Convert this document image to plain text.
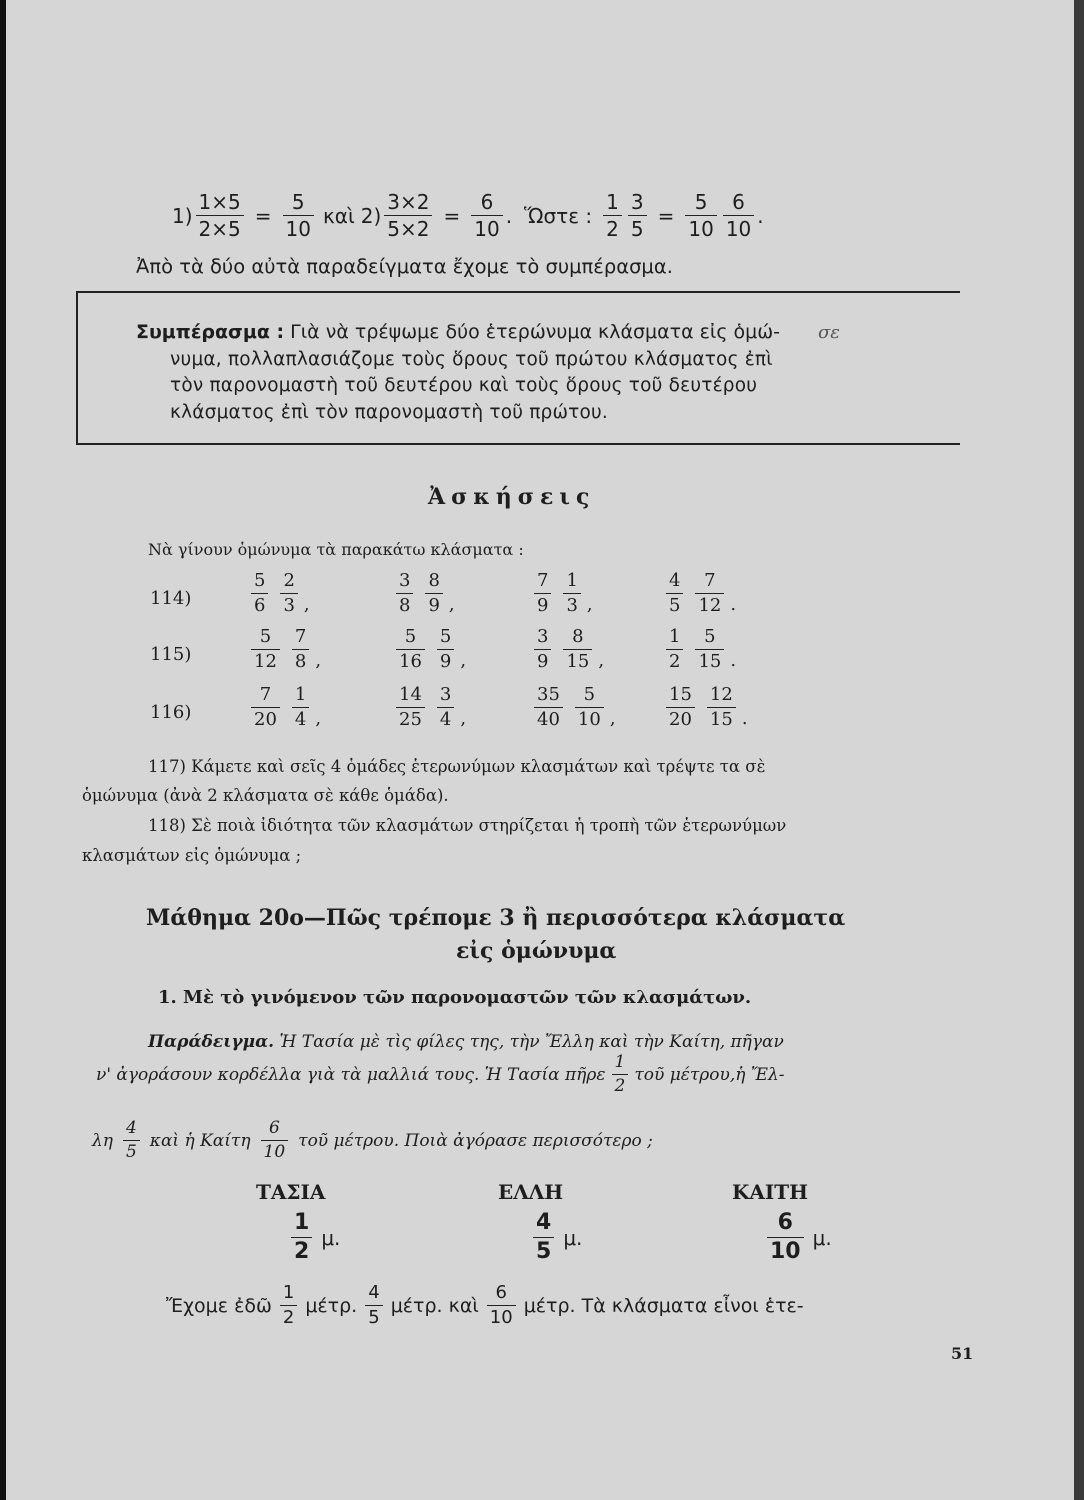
$1) \frac{1\times 5}{2\times 5} = \frac{5}{10}$ καὶ $2) \frac{3\times 2}{5\times 2} = \frac{6}{10}$ . Ὥστε : $\frac{1}{2} \frac{3}{5} = \frac{5}{10} \frac{6}{10}$ .
Ἀπὸ τὰ δύο αὐτὰ παραδείγματα ἔχομε τὸ συμπέρασμα.
σε
Συμπέρασμα : Γιὰ νὰ τρέψωμε δύο ἑτερώνυμα κλάσματα εἰς ὁμώ-
νυμα, πολλαπλασιάζομε τοὺς ὅρους τοῦ πρώτου κλάσματος ἐπὶ
τὸν παρονομαστὴ τοῦ δευτέρου καὶ τοὺς ὅρους τοῦ δευτέρου
κλάσματος ἐπὶ τὸν παρονομαστὴ τοῦ πρώτου.
Ἀσκήσεις
Νὰ γίνουν ὁμώνυμα τὰ παρακάτω κλάσματα :
114)	$\frac{5}{6} \frac{2}{3}$ ,	$\frac{3}{8} \frac{8}{9}$ ,	$\frac{7}{9} \frac{1}{3}$ ,	$\frac{4}{5} \frac{7}{12}$ .
115)	$\frac{5}{12} \frac{7}{8}$ ,	$\frac{5}{16} \frac{5}{9}$ ,	$\frac{3}{9} \frac{8}{15}$ ,	$\frac{1}{2} \frac{5}{15}$ .
116)	$\frac{7}{20} \frac{1}{4}$ ,	$\frac{14}{25} \frac{3}{4}$ ,	$\frac{35}{40} \frac{5}{10}$ ,	$\frac{15}{20} \frac{12}{15}$ .
117) Κάμετε καὶ σεῖς 4 ὁμάδες ἑτερωνύμων κλασμάτων καὶ τρέψτε τα σὲ
ὁμώνυμα (ἀνὰ 2 κλάσματα σὲ κάθε ὁμάδα).
118) Σὲ ποιὰ ἰδιότητα τῶν κλασμάτων στηρίζεται ἡ τροπὴ τῶν ἑτερωνύμων
κλασμάτων εἰς ὁμώνυμα ;
Μάθημα 20ο—Πῶς τρέπομε 3 ἢ περισσότερα κλάσματα
εἰς ὁμώνυμα
1. Μὲ τὸ γινόμενον τῶν παρονομαστῶν τῶν κλασμάτων.
Παράδειγμα. Ἡ Τασία μὲ τὶς φίλες της, τὴν Ἔλλη καὶ τὴν Καίτη, πῆγαν
ν' ἀγοράσουν κορδέλλα γιὰ τὰ μαλλιά τους. Ἡ Τασία πῆρε $\frac{1}{2}$ τοῦ μέτρου,ἡ Ἔλ-
λη $\frac{4}{5}$ καὶ ἡ Καίτη $\frac{6}{10}$ τοῦ μέτρου. Ποιὰ ἀγόρασε περισσότερο ;
ΤΑΣΙΑ
$\frac{1}{2} \mu$.
ΕΛΛΗ
$\frac{4}{5} \mu$.
ΚΑΙΤΗ
$\frac{6}{10} \mu$.
Ἔχομε ἐδῶ $\frac{1}{2} \mu έ\tau\rho$. $\frac{4}{5} \mu έ\tau\rho$. καὶ $\frac{6}{10} \mu έ\tau\rho$. Τὰ κλάσματα εἶνοι ἑτε-
51
